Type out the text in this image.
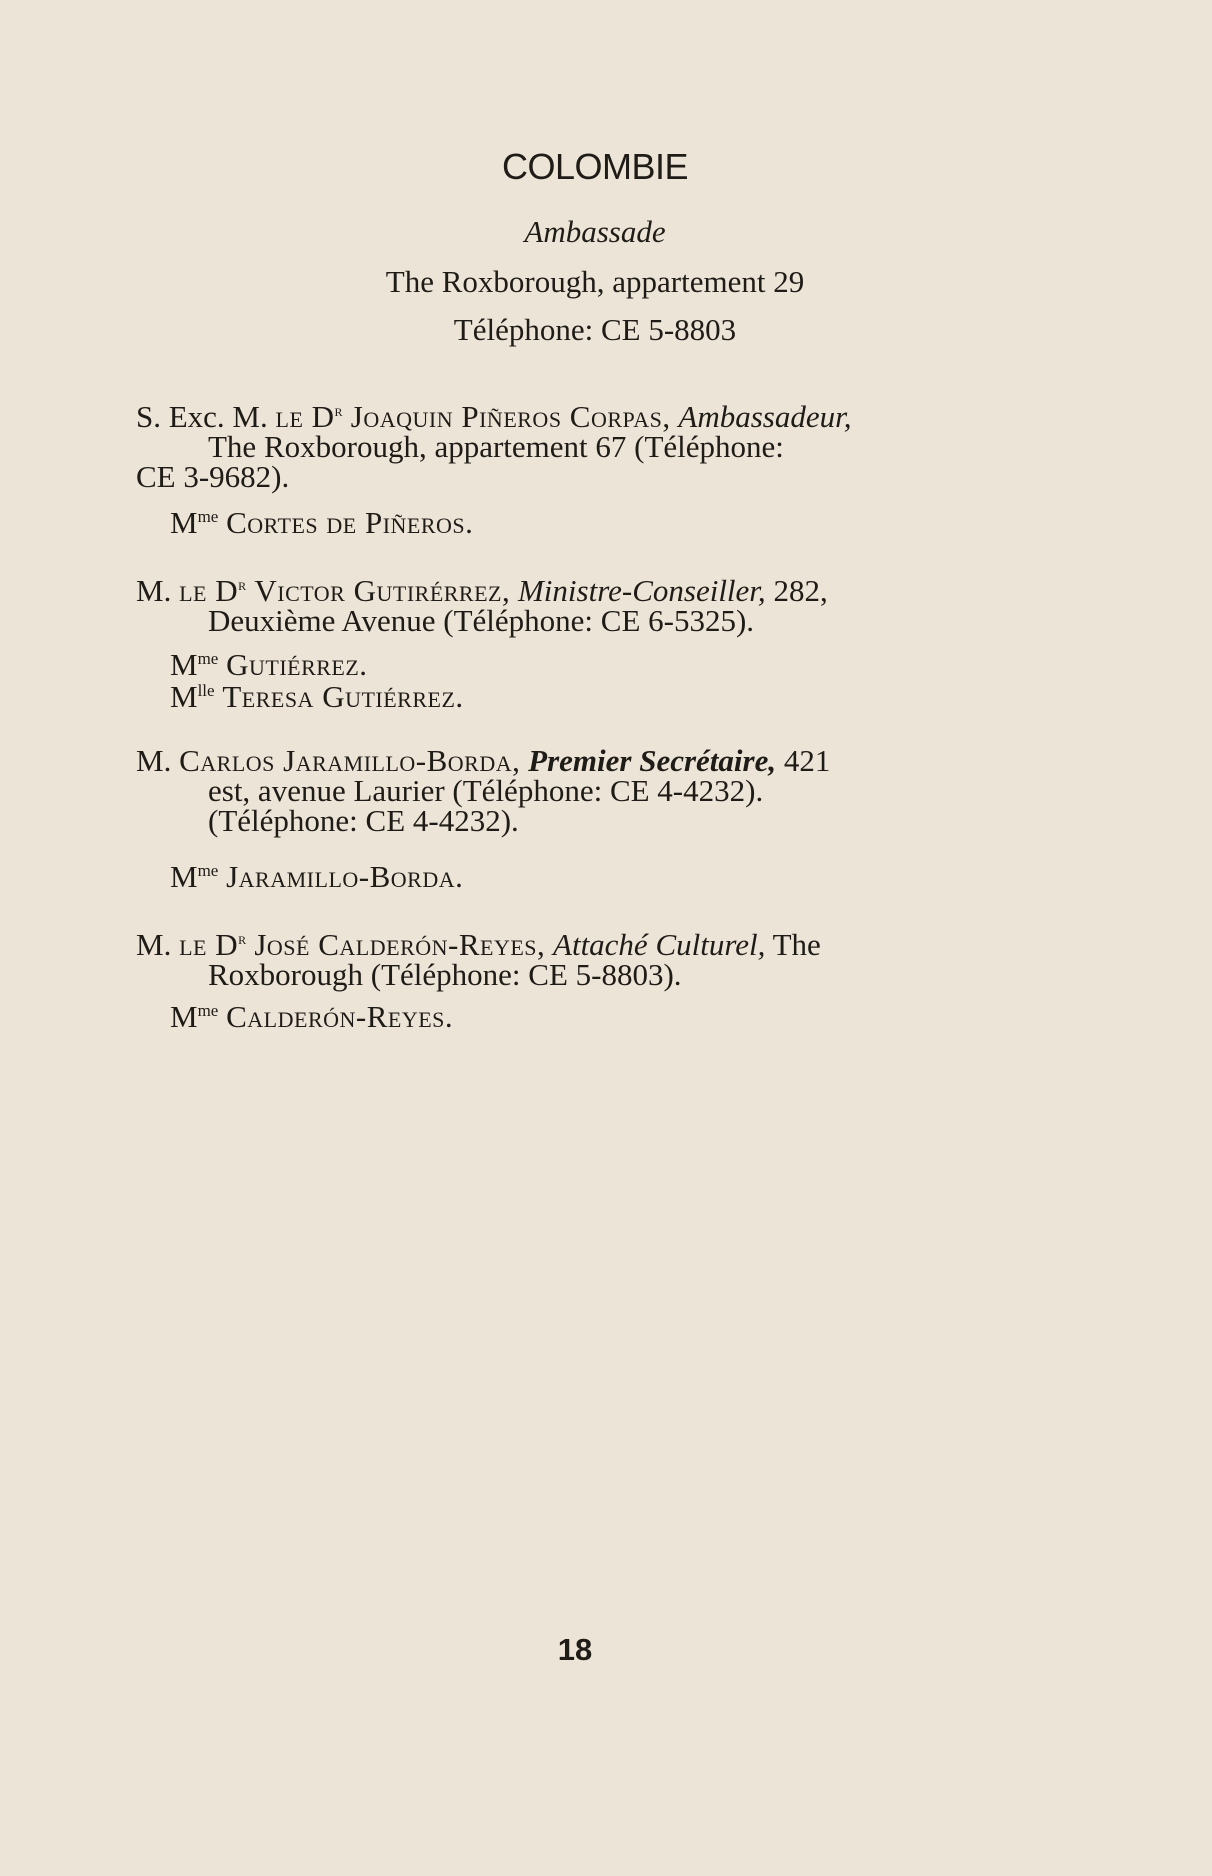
COLOMBIE
Ambassade
The Roxborough, appartement 29
Téléphone: CE 5-8803
S. Exc. M. le $D^r$ Joaquin Piñeros Corpas, Ambassadeur,
The Roxborough, appartement 67 (Téléphone:
CE 3-9682).
$M^{me}$ Cortes de Piñeros.
M. le $D^r$ Victor Gutirérrez, Ministre-Conseiller, 282,
Deuxième Avenue (Téléphone: CE 6-5325).
$M^{me}$ Gutiérrez.
$M^{lle}$ Teresa Gutiérrez.
M. Carlos Jaramillo-Borda, Premier Secrétaire, 421
est, avenue Laurier (Téléphone: CE 4-4232).
(Téléphone: CE 4-4232).
$M^{me}$ Jaramillo-Borda.
M. le $D^r$ José Calderón-Reyes, Attaché Culturel, The
Roxborough (Téléphone: CE 5-8803).
$M^{me}$ Calderón-Reyes.
18
